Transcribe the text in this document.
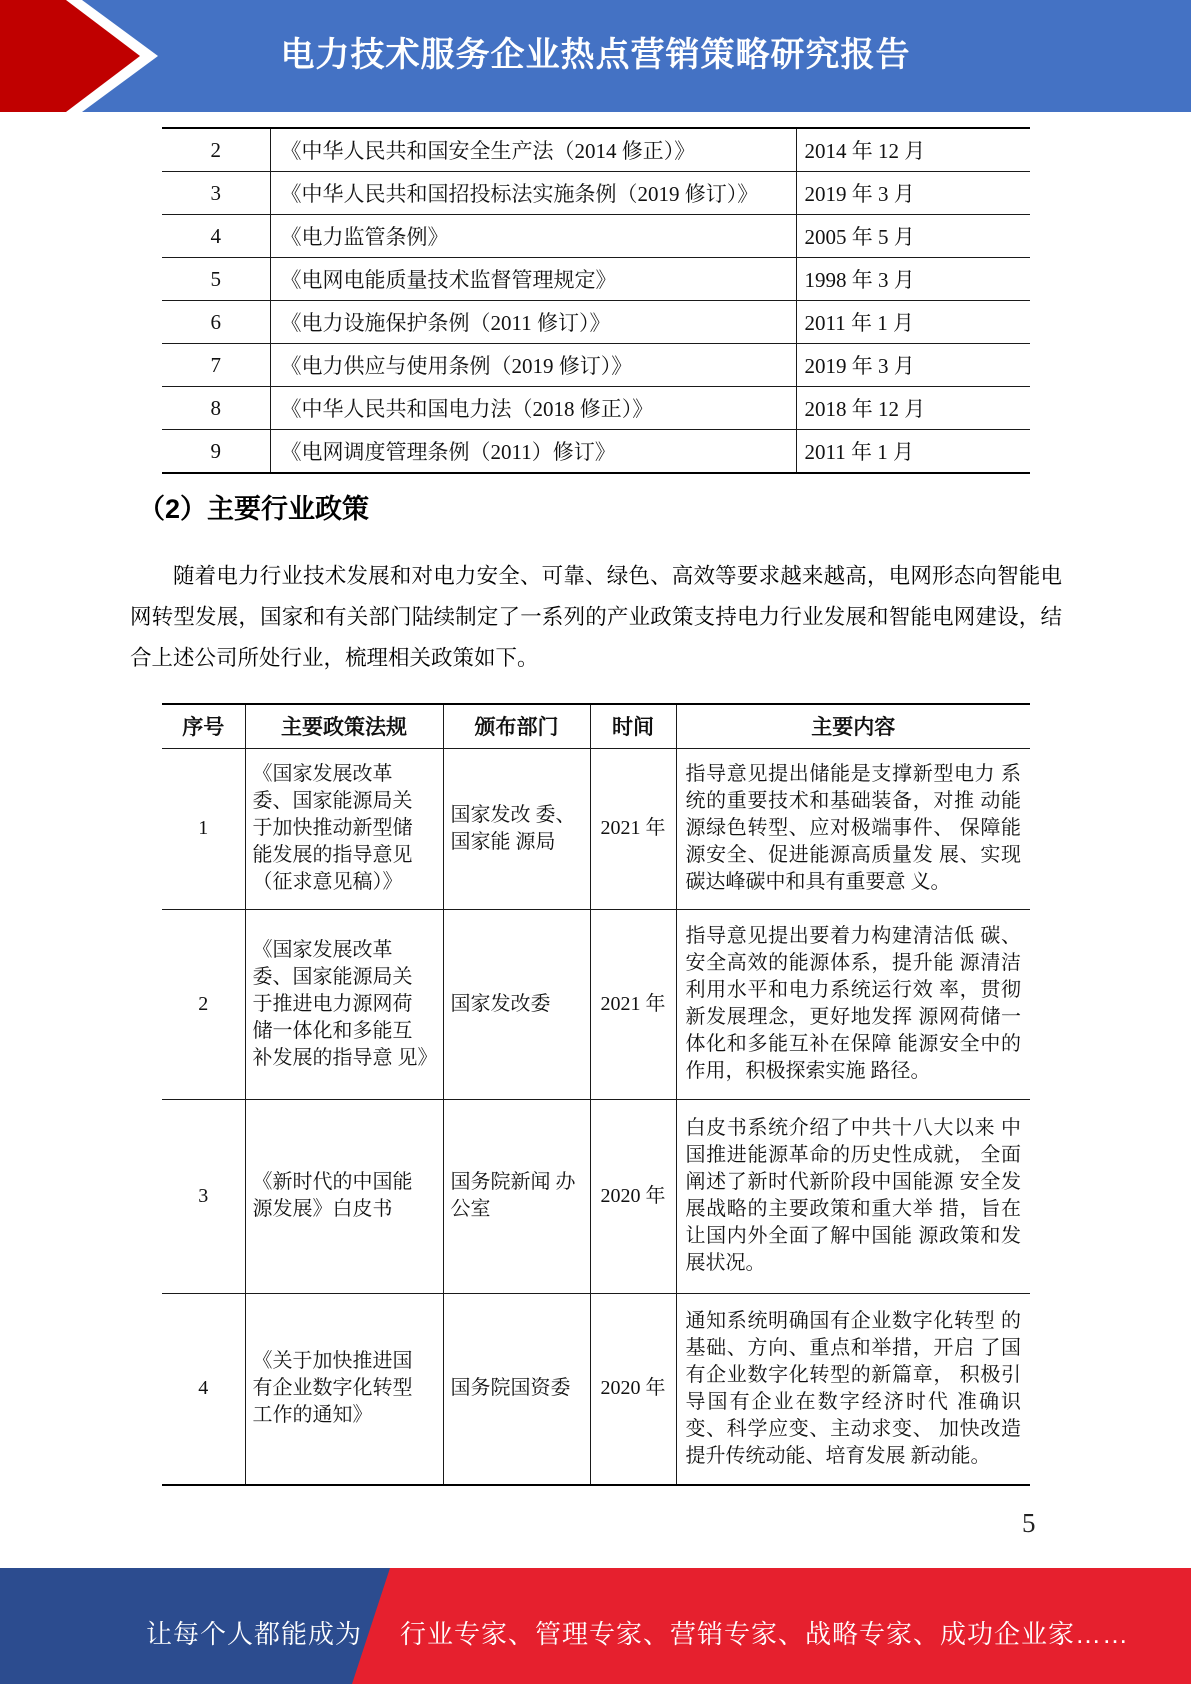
电力技术服务企业热点营销策略研究报告
2	《中华人民共和国安全生产法（2014 修正）》	2014 年 12 月
3	《中华人民共和国招投标法实施条例（2019 修订）》	2019 年 3 月
4	《电力监管条例》	2005 年 5 月
5	《电网电能质量技术监督管理规定》	1998 年 3 月
6	《电力设施保护条例（2011 修订）》	2011 年 1 月
7	《电力供应与使用条例（2019 修订）》	2019 年 3 月
8	《中华人民共和国电力法（2018 修正）》	2018 年 12 月
9	《电网调度管理条例（2011）修订》	2011 年 1 月
（2）主要行业政策
随着电力行业技术发展和对电力安全、可靠、绿色、高效等要求越来越高，电网形态向智能电网转型发展，国家和有关部门陆续制定了一系列的产业政策支持电力行业发展和智能电网建设，结合上述公司所处行业，梳理相关政策如下。
序号	主要政策法规	颁布部门	时间	主要内容
1	《国家发展改革 委、国家能源局关 于加快推动新型储 能发展的指导意见（征求意见稿）》	国家发改 委、国家能 源局	2021 年	指导意见提出储能是支撑新型电力 系统的重要技术和基础装备，对推 动能源绿色转型、应对极端事件、 保障能源安全、促进能源高质量发 展、实现碳达峰碳中和具有重要意 义。
2	《国家发展改革 委、国家能源局关 于推进电力源网荷 储一体化和多能互 补发展的指导意 见》	国家发改委	2021 年	指导意见提出要着力构建清洁低 碳、安全高效的能源体系，提升能 源清洁利用水平和电力系统运行效 率，贯彻新发展理念，更好地发挥 源网荷储一体化和多能互补在保障 能源安全中的作用，积极探索实施 路径。
3	《新时代的中国能 源发展》白皮书	国务院新闻 办公室	2020 年	白皮书系统介绍了中共十八大以来 中国推进能源革命的历史性成就， 全面阐述了新时代新阶段中国能源 安全发展战略的主要政策和重大举 措，旨在让国内外全面了解中国能 源政策和发展状况。
4	《关于加快推进国 有企业数字化转型 工作的通知》	国务院国资委	2020 年	通知系统明确国有企业数字化转型 的基础、方向、重点和举措，开启 了国有企业数字化转型的新篇章， 积极引导国有企业在数字经济时代 准确识变、科学应变、主动求变、 加快改造提升传统动能、培育发展 新动能。
5
让每个人都能成为 行业专家、管理专家、营销专家、战略专家、成功企业家……
